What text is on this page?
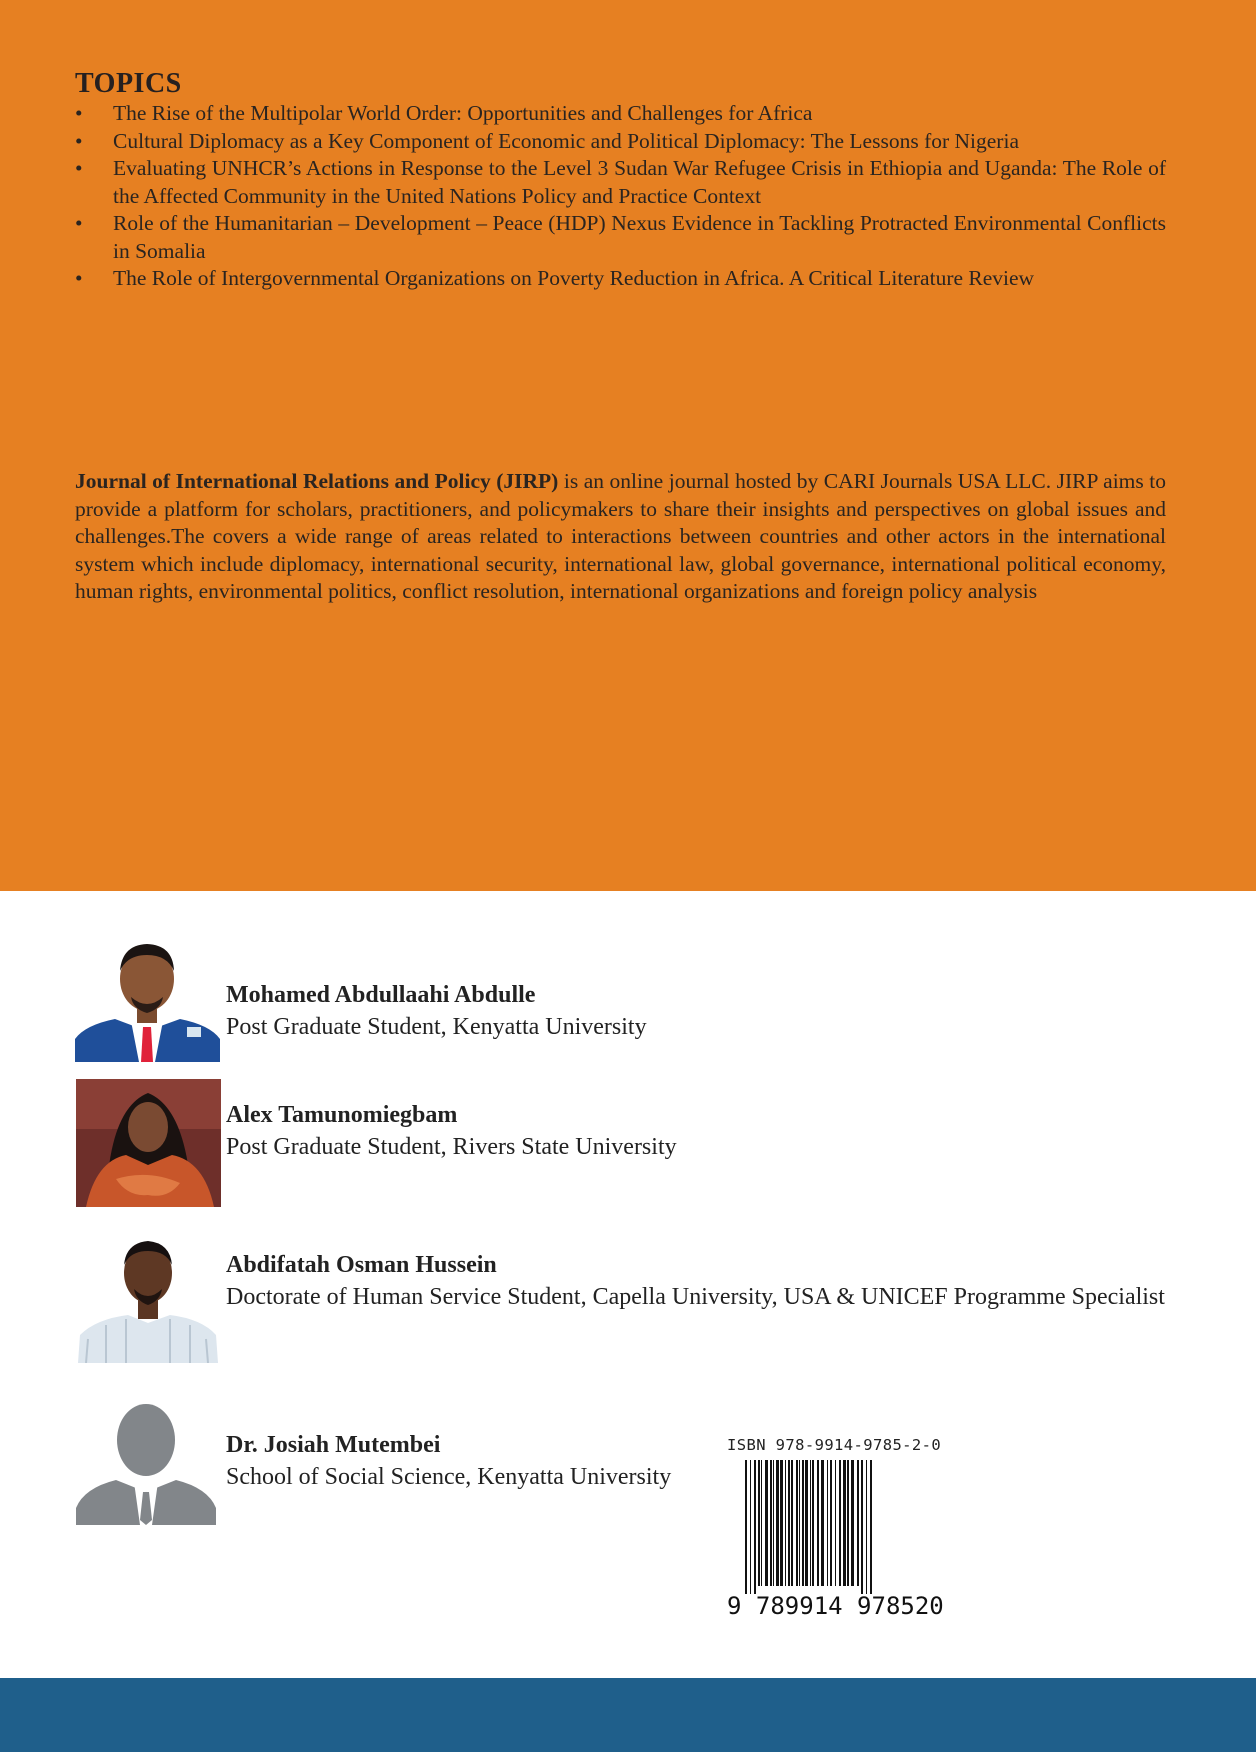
TOPICS
• The Rise of the Multipolar World Order: Opportunities and Challenges for Africa
• Cultural Diplomacy as a Key Component of Economic and Political Diplomacy: The Lessons for Nigeria
• Evaluating UNHCR’s Actions in Response to the Level 3 Sudan War Refugee Crisis in Ethiopia and Uganda: The Role of the Affected Community in the United Nations Policy and Practice Context
• Role of the Humanitarian – Development – Peace (HDP) Nexus Evidence in Tackling Protracted Environmental Conflicts in Somalia
• The Role of Intergovernmental Organizations on Poverty Reduction in Africa. A Critical Literature Review

Journal of International Relations and Policy (JIRP) is an online journal hosted by CARI Journals USA LLC. JIRP aims to provide a platform for scholars, practitioners, and policymakers to share their insights and perspectives on global issues and challenges.The covers a wide range of areas related to interactions between countries and other actors in the international system which include diplomacy, international security, international law, global governance, international political economy, human rights, environmental politics, conflict resolution, international organizations and foreign policy analysis

Mohamed Abdullaahi Abdulle
Post Graduate Student, Kenyatta University
Alex Tamunomiegbam
Post Graduate Student, Rivers State University
Abdifatah Osman Hussein
Doctorate of Human Service Student, Capella University, USA & UNICEF Programme Specialist
Dr. Josiah Mutembei
School of Social Science, Kenyatta University
ISBN 978-9914-9785-2-0
9 789914 978520
